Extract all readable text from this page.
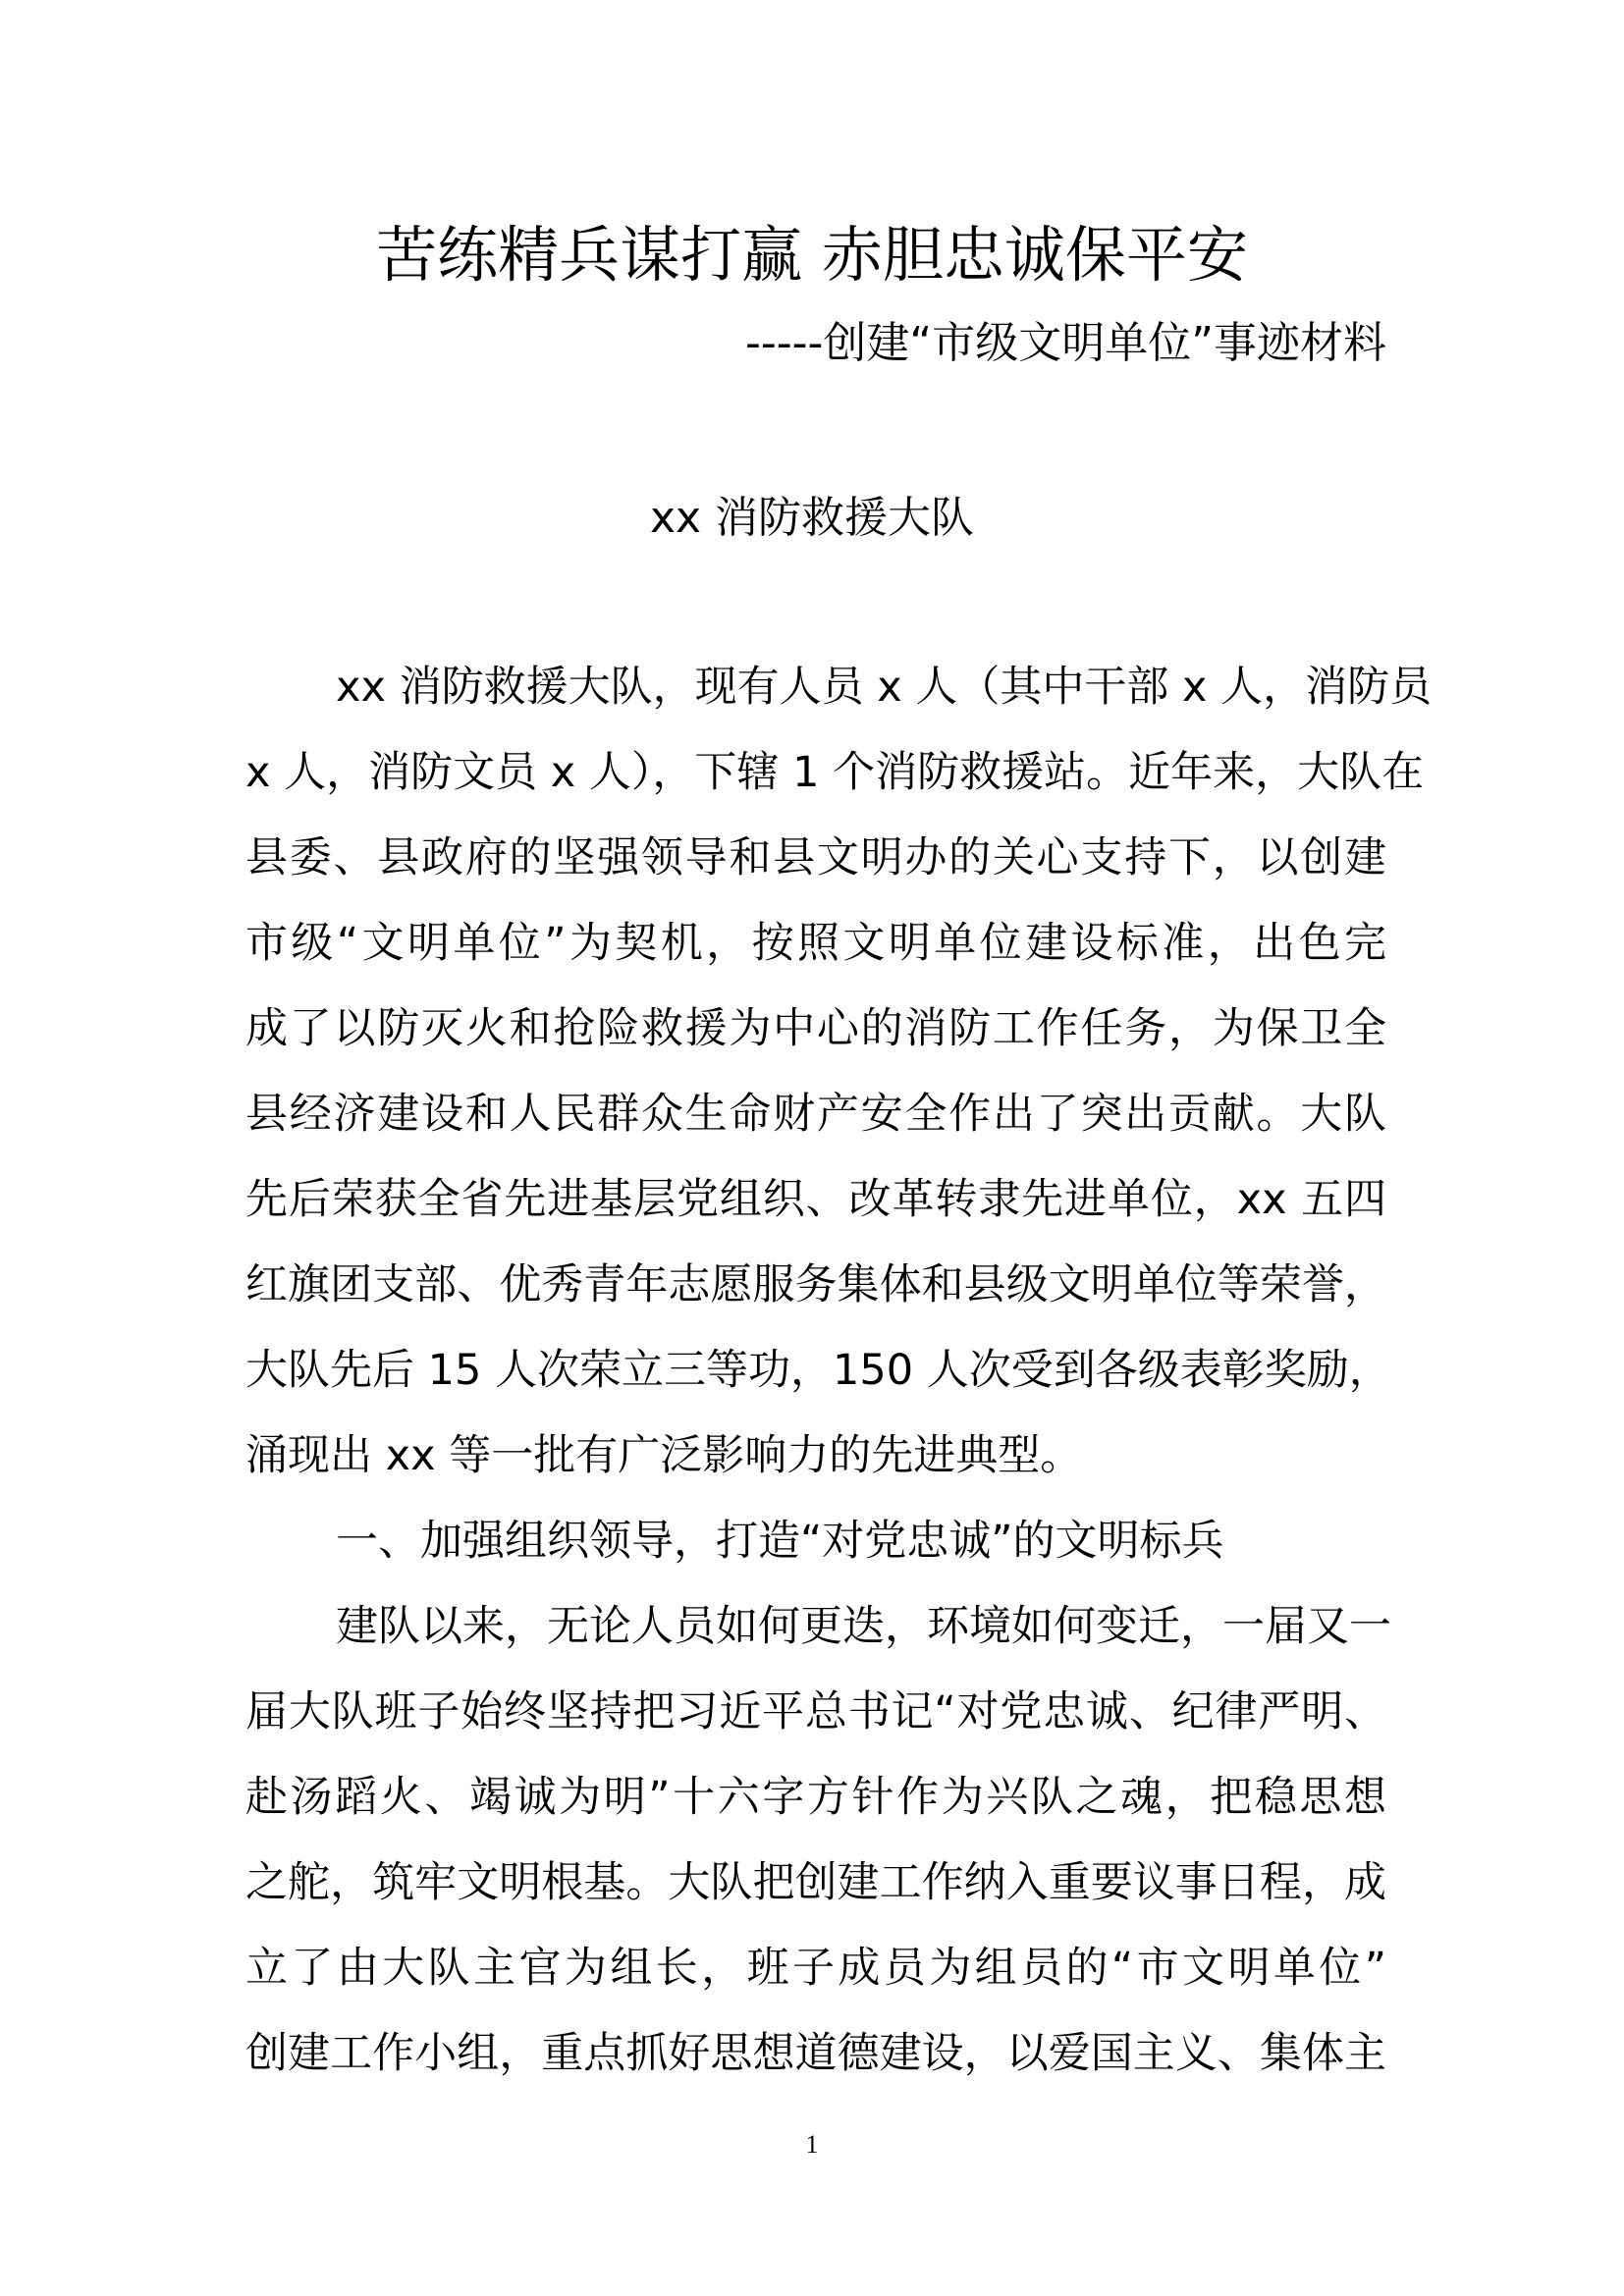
苦练精兵谋打赢 赤胆忠诚保平安
-----创建“市级文明单位”事迹材料
xx 消防救援大队
xx 消防救援大队，现有人员 x 人（其中干部 x 人，消防员
x 人，消防文员 x 人），下辖 1 个消防救援站。近年来，大队在
县委、县政府的坚强领导和县文明办的关心支持下，以创建
市级“文明单位”为契机，按照文明单位建设标准，出色完
成了以防灭火和抢险救援为中心的消防工作任务，为保卫全
县经济建设和人民群众生命财产安全作出了突出贡献。大队
先后荣获全省先进基层党组织、改革转隶先进单位，xx 五四
红旗团支部、优秀青年志愿服务集体和县级文明单位等荣誉，
大队先后 15 人次荣立三等功，150 人次受到各级表彰奖励，
涌现出 xx 等一批有广泛影响力的先进典型。
一、加强组织领导，打造“对党忠诚”的文明标兵
建队以来，无论人员如何更迭，环境如何变迁，一届又一
届大队班子始终坚持把习近平总书记“对党忠诚、纪律严明、
赴汤蹈火、竭诚为明”十六字方针作为兴队之魂，把稳思想
之舵，筑牢文明根基。大队把创建工作纳入重要议事日程，成
立了由大队主官为组长，班子成员为组员的“市文明单位”
创建工作小组，重点抓好思想道德建设，以爱国主义、集体主
1
